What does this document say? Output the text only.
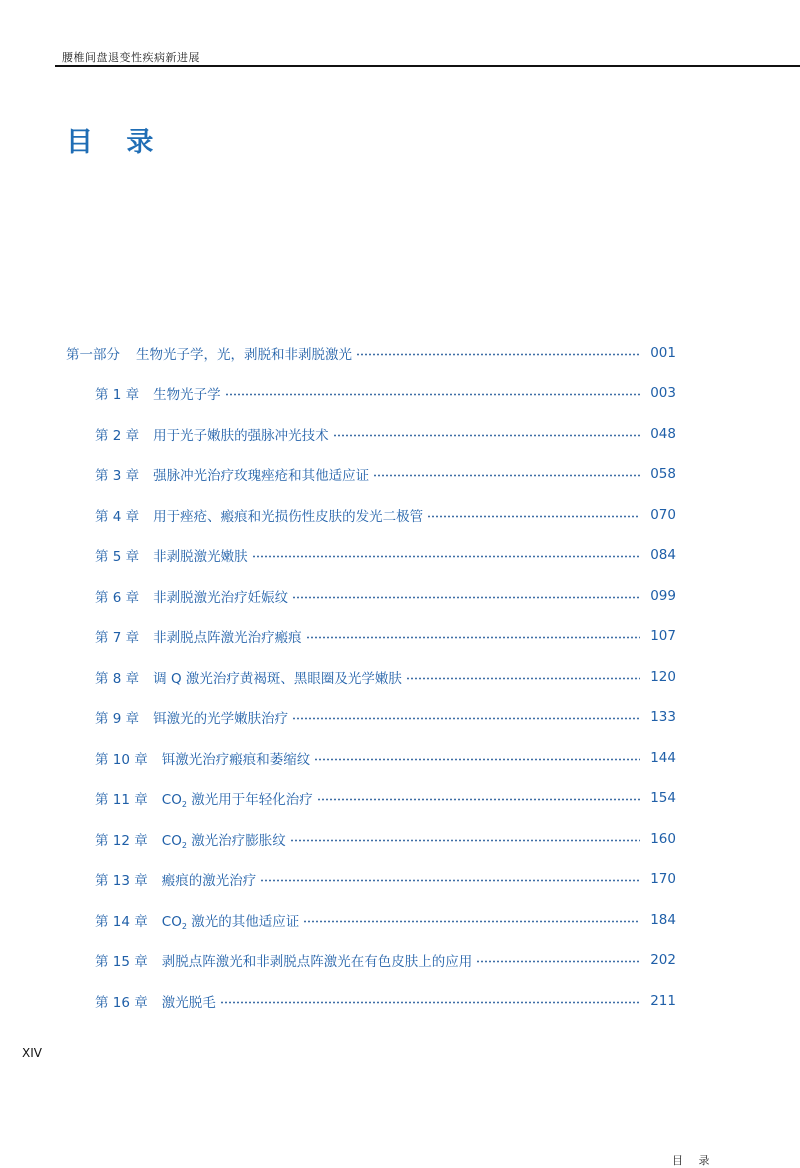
腰椎间盘退变性疾病新进展
目 录
第一部分 生物光子学，光，剥脱和非剥脱激光	001
第 1 章 生物光子学	003
第 2 章 用于光子嫩肤的强脉冲光技术	048
第 3 章 强脉冲光治疗玫瑰痤疮和其他适应证	058
第 4 章 用于痤疮、瘢痕和光损伤性皮肤的发光二极管	070
第 5 章 非剥脱激光嫩肤	084
第 6 章 非剥脱激光治疗妊娠纹	099
第 7 章 非剥脱点阵激光治疗瘢痕	107
第 8 章 调 Q 激光治疗黄褐斑、黑眼圈及光学嫩肤	120
第 9 章 铒激光的光学嫩肤治疗	133
第 10 章 铒激光治疗瘢痕和萎缩纹	144
第 11 章 $CO_2$ 激光用于年轻化治疗	154
第 12 章 $CO_2$ 激光治疗膨胀纹	160
第 13 章 瘢痕的激光治疗	170
第 14 章 $CO_2$ 激光的其他适应证	184
第 15 章 剥脱点阵激光和非剥脱点阵激光在有色皮肤上的应用	202
第 16 章 激光脱毛	211
XIV
目 录
